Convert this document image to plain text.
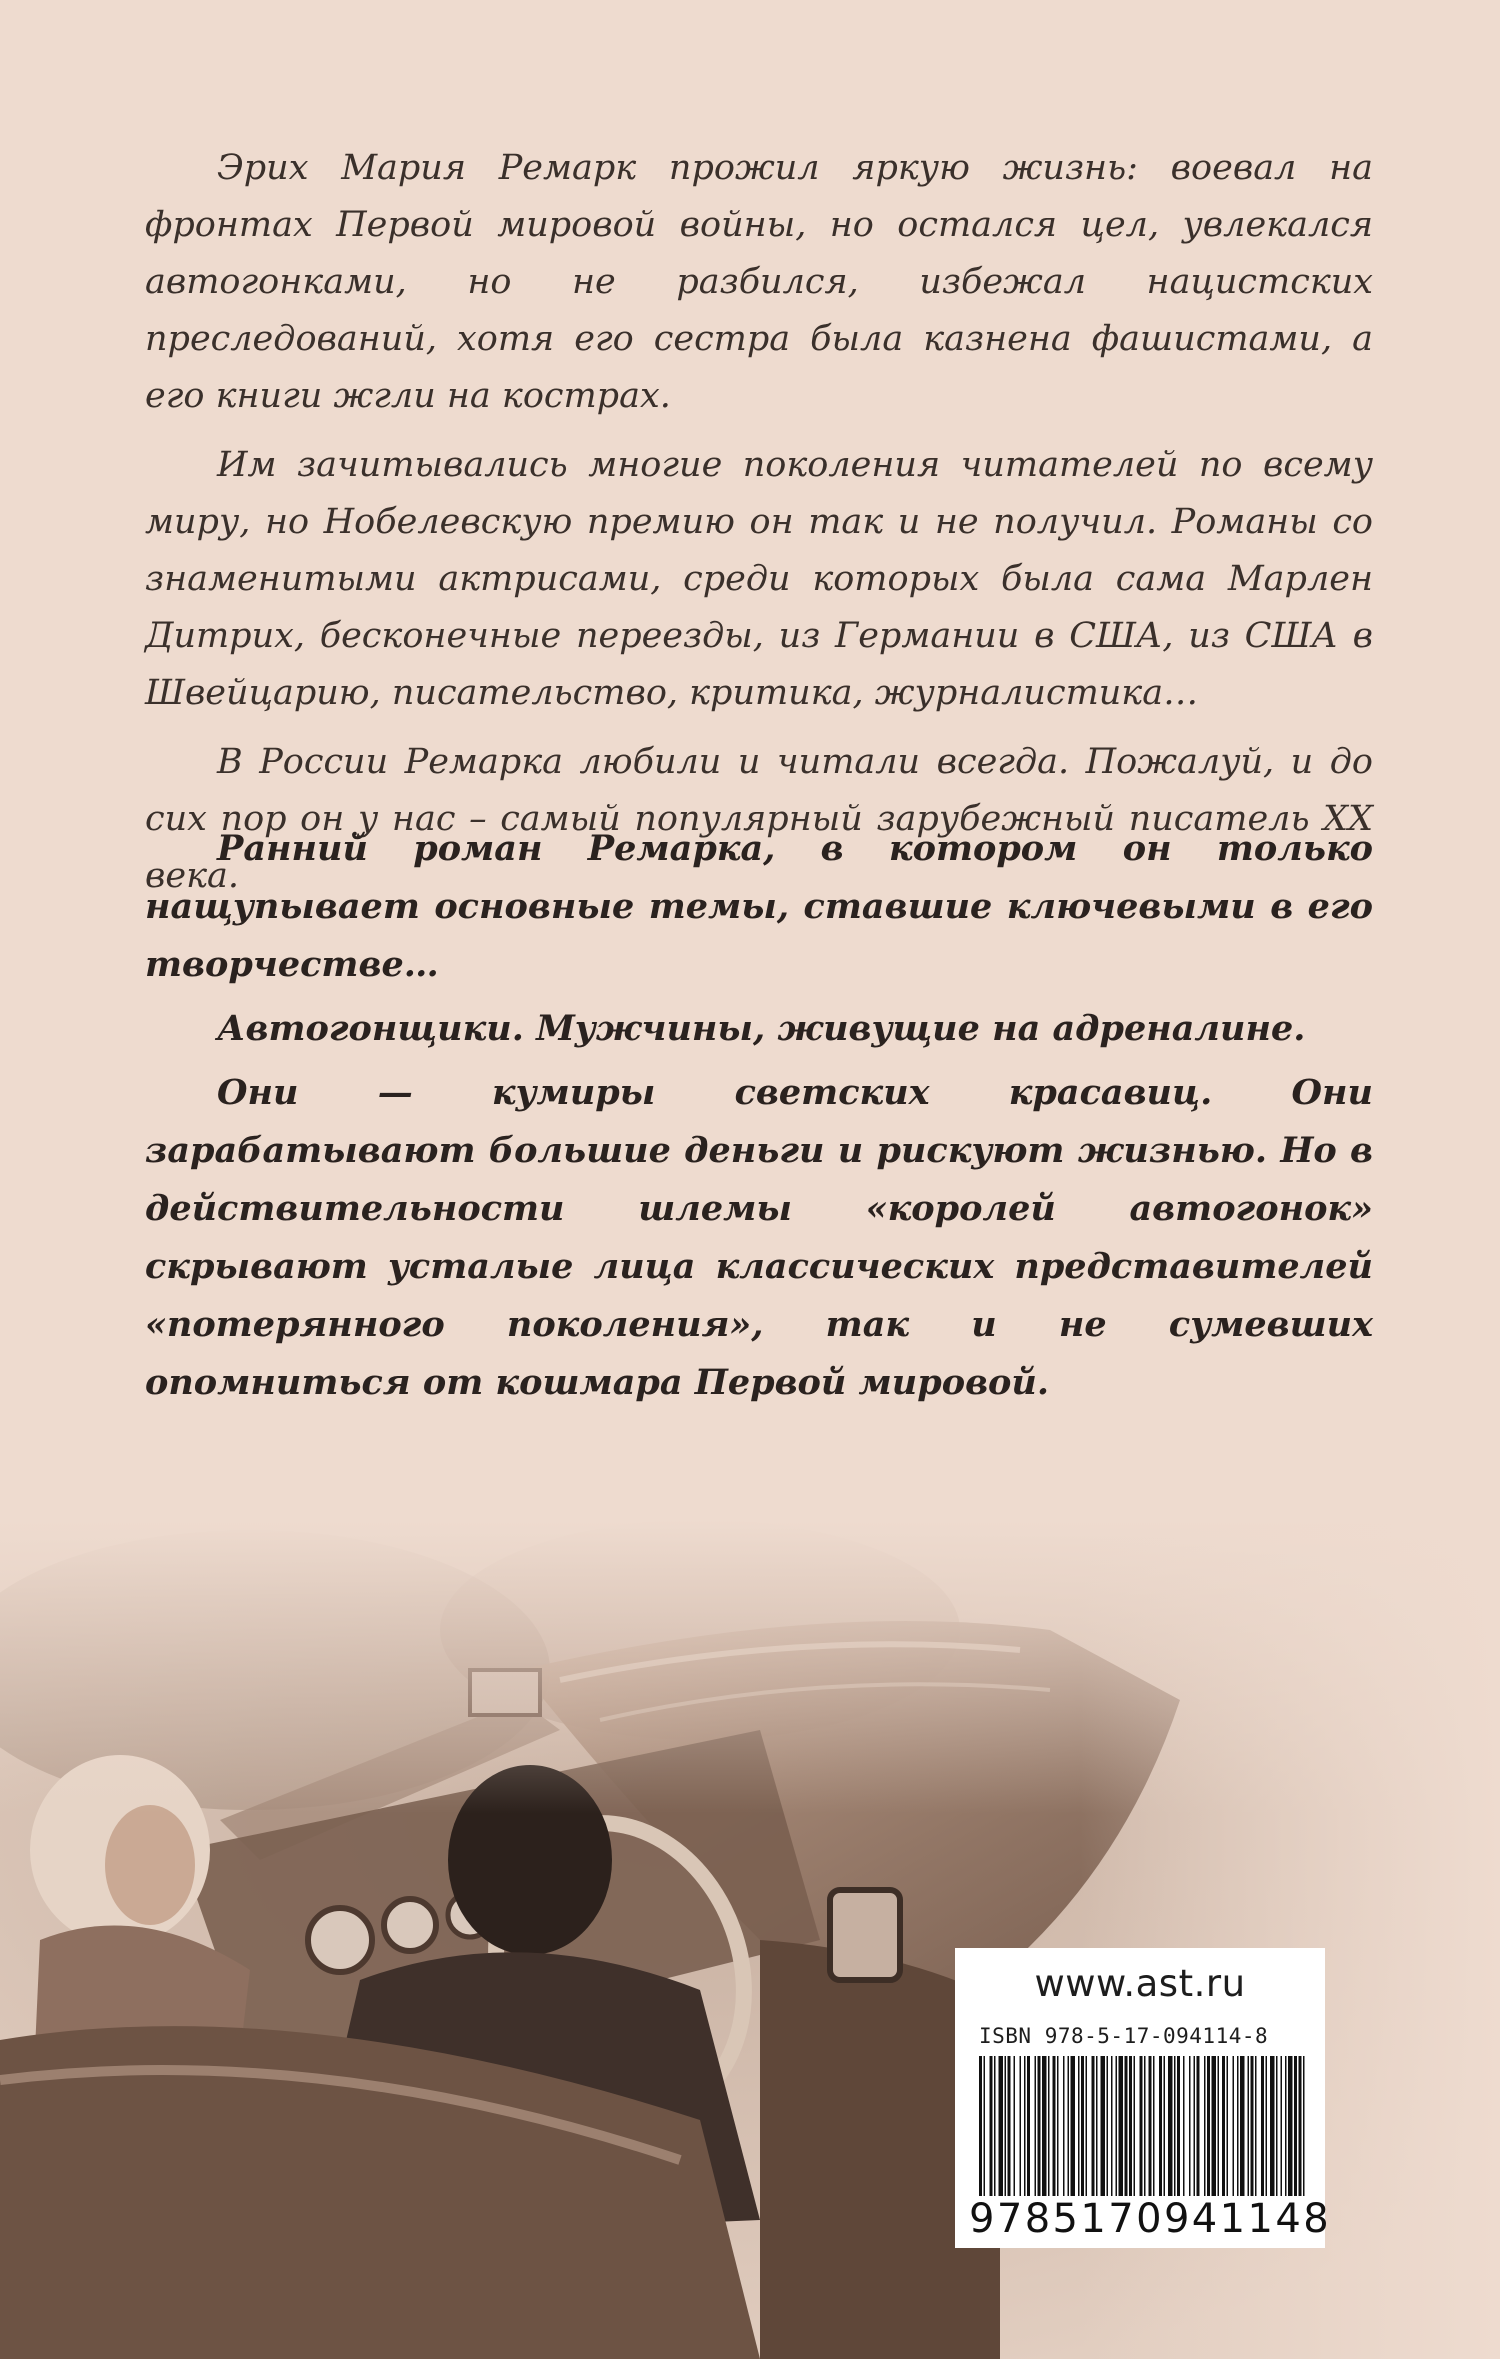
Эрих Мария Ремарк прожил яркую жизнь: воевал на фронтах Первой мировой войны, но остался цел, увлекался автогонками, но не разбился, избежал нацистских преследований, хотя его сестра была казнена фашистами, а его книги жгли на кострах.

Им зачитывались многие поколения читателей по всему миру, но Нобелевскую премию он так и не получил. Романы со знаменитыми актрисами, среди которых была сама Марлен Дитрих, бесконечные переезды, из Германии в США, из США в Швейцарию, писательство, критика, журналистика…

В России Ремарка любили и читали всегда. Пожалуй, и до сих пор он у нас – самый популярный зарубежный писатель XX века.

Ранний роман Ремарка, в котором он только нащупывает основные темы, ставшие ключевыми в его творчестве…

Автогонщики. Мужчины, живущие на адреналине.

Они — кумиры светских красавиц. Они зарабатывают большие деньги и рискуют жизнью. Но в действительности шлемы «королей автогонок» скрывают усталые лица классических представителей «потерянного поколения», так и не сумевших опомниться от кошмара Первой мировой.

www.ast.ru
ISBN 978-5-17-094114-8
9785170941148
